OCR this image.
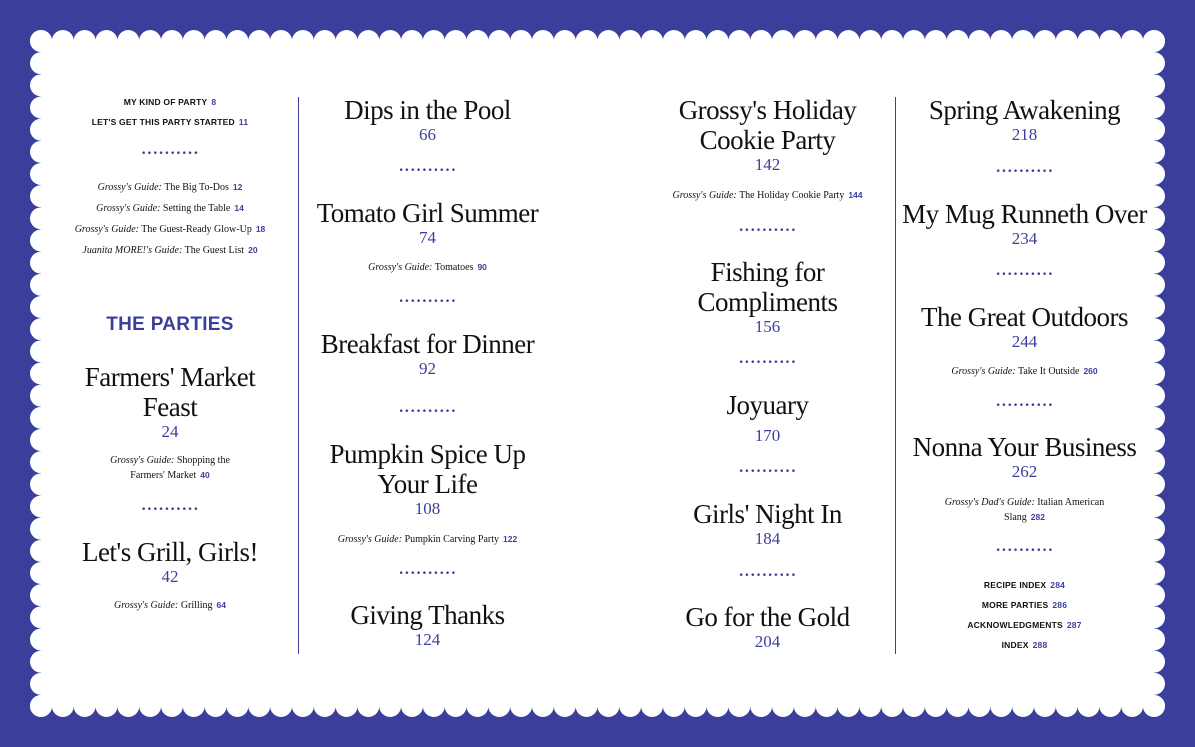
MY KIND OF PARTY 8
LET'S GET THIS PARTY STARTED 11
••••••••••
Grossy's Guide: The Big To-Dos 12
Grossy's Guide: Setting the Table 14
Grossy's Guide: The Guest-Ready Glow-Up 18
Juanita MORE!'s Guide: The Guest List 20
THE PARTIES
Farmers' Market
Feast
24
Grossy's Guide: Shopping the
Farmers' Market 40
••••••••••
Let's Grill, Girls!
42
Grossy's Guide: Grilling 64
Dips in the Pool
66
••••••••••
Tomato Girl Summer
74
Grossy's Guide: Tomatoes 90
••••••••••
Breakfast for Dinner
92
••••••••••
Pumpkin Spice Up
Your Life
108
Grossy's Guide: Pumpkin Carving Party 122
••••••••••
Giving Thanks
124
Grossy's Holiday
Cookie Party
142
Grossy's Guide: The Holiday Cookie Party 144
••••••••••
Fishing for
Compliments
156
••••••••••
Joyuary
170
••••••••••
Girls' Night In
184
••••••••••
Go for the Gold
204
Spring Awakening
218
••••••••••
My Mug Runneth Over
234
••••••••••
The Great Outdoors
244
Grossy's Guide: Take It Outside 260
••••••••••
Nonna Your Business
262
Grossy's Dad's Guide: Italian American
Slang 282
••••••••••
RECIPE INDEX 284
MORE PARTIES 286
ACKNOWLEDGMENTS 287
INDEX 288
